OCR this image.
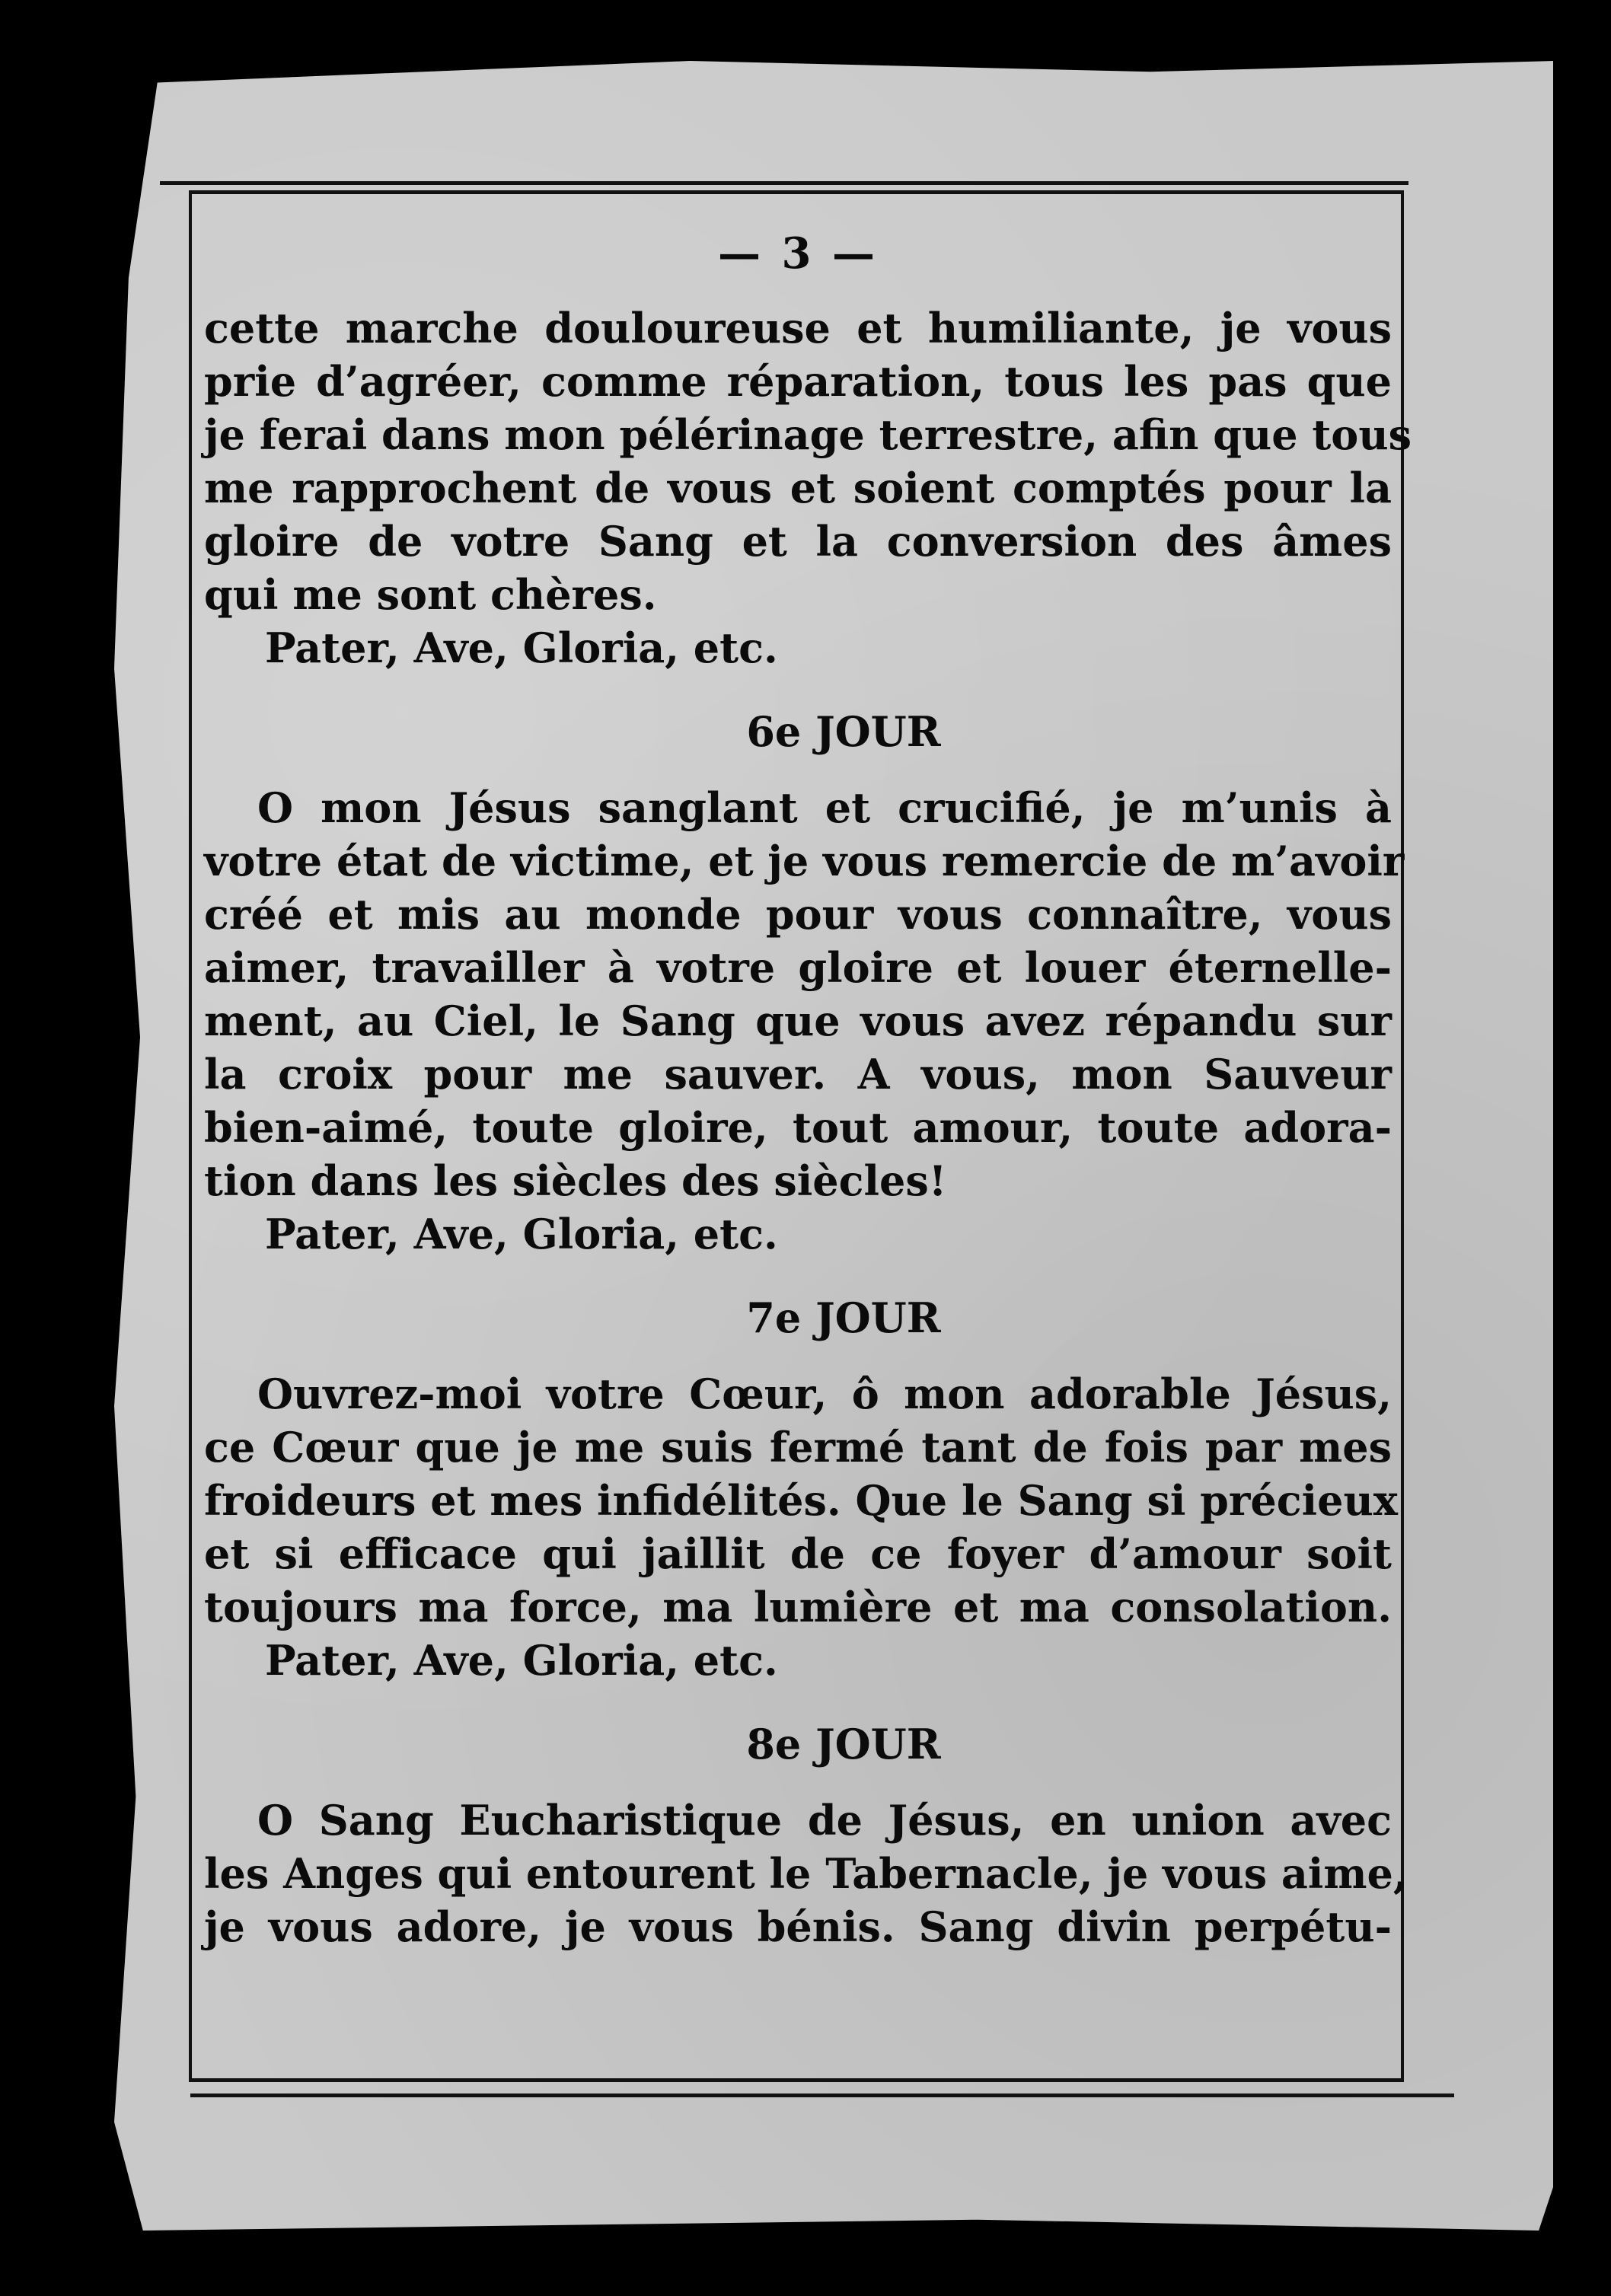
— 3 —
cette marche douloureuse et humiliante, je vous
prie d’agréer, comme réparation, tous les pas que
je ferai dans mon pélérinage terrestre, afin que tous
me rapprochent de vous et soient comptés pour la
gloire de votre Sang et la conversion des âmes
qui me sont chères.
Pater, Ave, Gloria, etc.
6e JOUR
O mon Jésus sanglant et crucifié, je m’unis à
votre état de victime, et je vous remercie de m’avoir
créé et mis au monde pour vous connaître, vous
aimer, travailler à votre gloire et louer éternelle-
ment, au Ciel, le Sang que vous avez répandu sur
la croix pour me sauver. A vous, mon Sauveur
bien-aimé, toute gloire, tout amour, toute adora-
tion dans les siècles des siècles!
Pater, Ave, Gloria, etc.
7e JOUR
Ouvrez-moi votre Cœur, ô mon adorable Jésus,
ce Cœur que je me suis fermé tant de fois par mes
froideurs et mes infidélités. Que le Sang si précieux
et si efficace qui jaillit de ce foyer d’amour soit
toujours ma force, ma lumière et ma consolation.
Pater, Ave, Gloria, etc.
8e JOUR
O Sang Eucharistique de Jésus, en union avec
les Anges qui entourent le Tabernacle, je vous aime,
je vous adore, je vous bénis. Sang divin perpétu-
